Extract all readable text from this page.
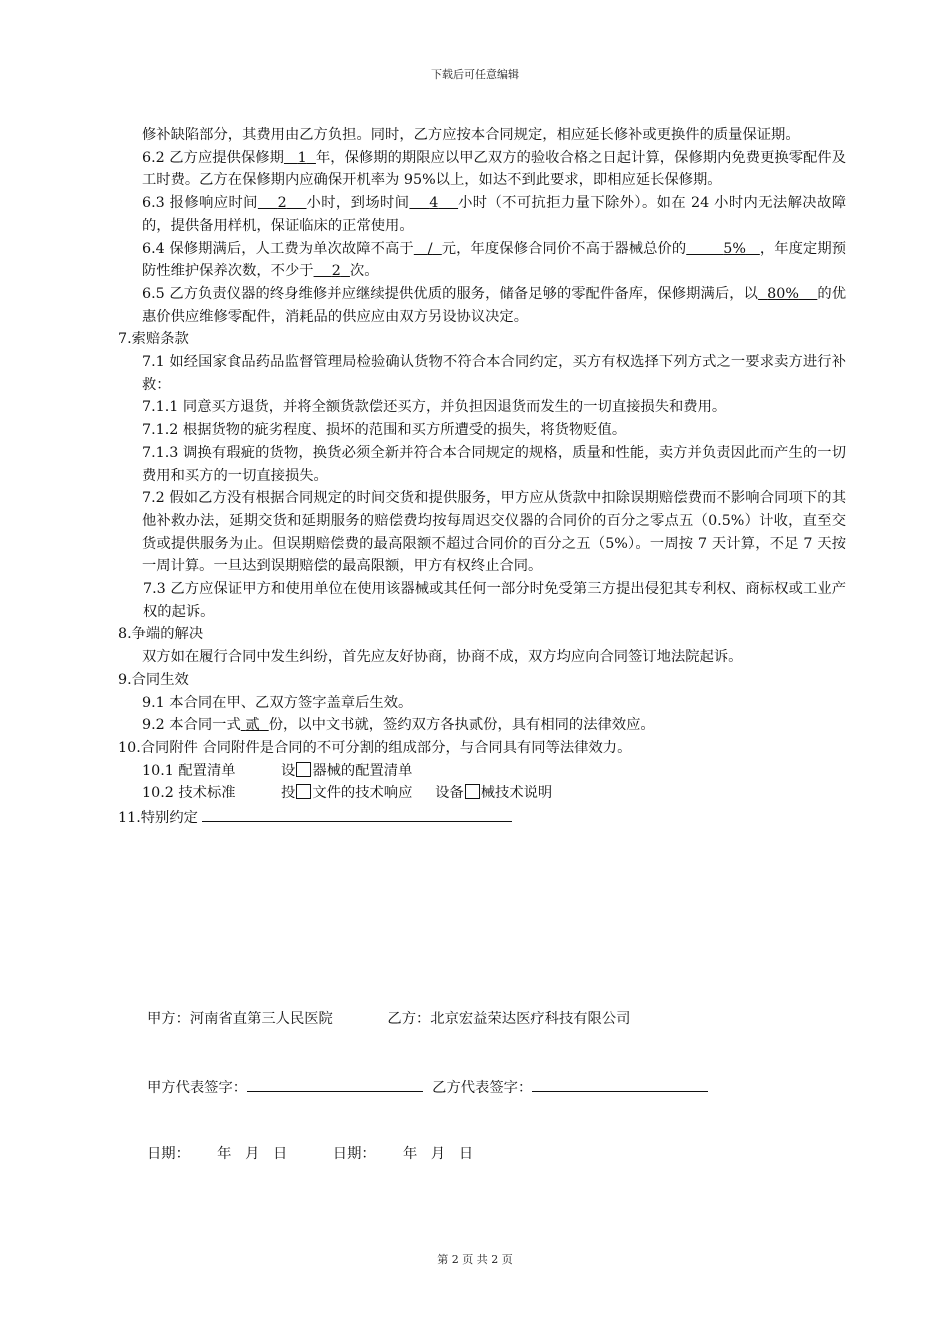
下载后可任意编辑

修补缺陷部分，其费用由乙方负担。同时，乙方应按本合同规定，相应延长修补或更换件的质量保证期。

6.2 乙方应提供保修期 1 年，保修期的期限应以甲乙双方的验收合格之日起计算，保修期内免费更换零配件及工时费。乙方在保修期内应确保开机率为 95%以上，如达不到此要求，即相应延长保修期。

6.3 报修响应时间 2 小时，到场时间 4 小时（不可抗拒力量下除外）。如在 24 小时内无法解决故障的，提供备用样机，保证临床的正常使用。

6.4 保修期满后，人工费为单次故障不高于 / 元，年度保修合同价不高于器械总价的	5% ，年度定期预防性维护保养次数，不少于 2 次。

6.5 乙方负责仪器的终身维修并应继续提供优质的服务，储备足够的零配件备库，保修期满后，以 80% 的优惠价供应维修零配件，消耗品的供应应由双方另设协议决定。

7.索赔条款

7.1 如经国家食品药品监督管理局检验确认货物不符合本合同约定，买方有权选择下列方式之一要求卖方进行补救：

7.1.1 同意买方退货，并将全额货款偿还买方，并负担因退货而发生的一切直接损失和费用。

7.1.2 根据货物的疵劣程度、损坏的范围和买方所遭受的损失，将货物贬值。

7.1.3 调换有瑕疵的货物，换货必须全新并符合本合同规定的规格，质量和性能，卖方并负责因此而产生的一切费用和买方的一切直接损失。

7.2 假如乙方没有根据合同规定的时间交货和提供服务，甲方应从货款中扣除误期赔偿费而不影响合同项下的其他补救办法，延期交货和延期服务的赔偿费均按每周迟交仪器的合同价的百分之零点五（0.5%）计收，直至交货或提供服务为止。但误期赔偿费的最高限额不超过合同价的百分之五（5%）。一周按 7 天计算，不足 7 天按一周计算。一旦达到误期赔偿的最高限额，甲方有权终止合同。

7.3 乙方应保证甲方和使用单位在使用该器械或其任何一部分时免受第三方提出侵犯其专利权、商标权或工业产权的起诉。

8.争端的解决

双方如在履行合同中发生纠纷，首先应友好协商，协商不成，双方均应向合同签订地法院起诉。

9.合同生效

9.1 本合同在甲、乙双方签字盖章后生效。

9.2 本合同一式 贰 份，以中文书就，签约双方各执贰份，具有相同的法律效应。

10.合同附件 合同附件是合同的不可分割的组成部分，与合同具有同等法律效力。

10.1 配置清单	设 器械的配置清单
10.2 技术标准	投 文件的技术响应 设备 械技术说明

11.特别约定

甲方：河南省直第三人民医院	乙方：北京宏益荣达医疗科技有限公司
甲方代表签字：	乙方代表签字：
日期： 年 月 日	日期： 年 月 日
第 2 页 共 2 页
